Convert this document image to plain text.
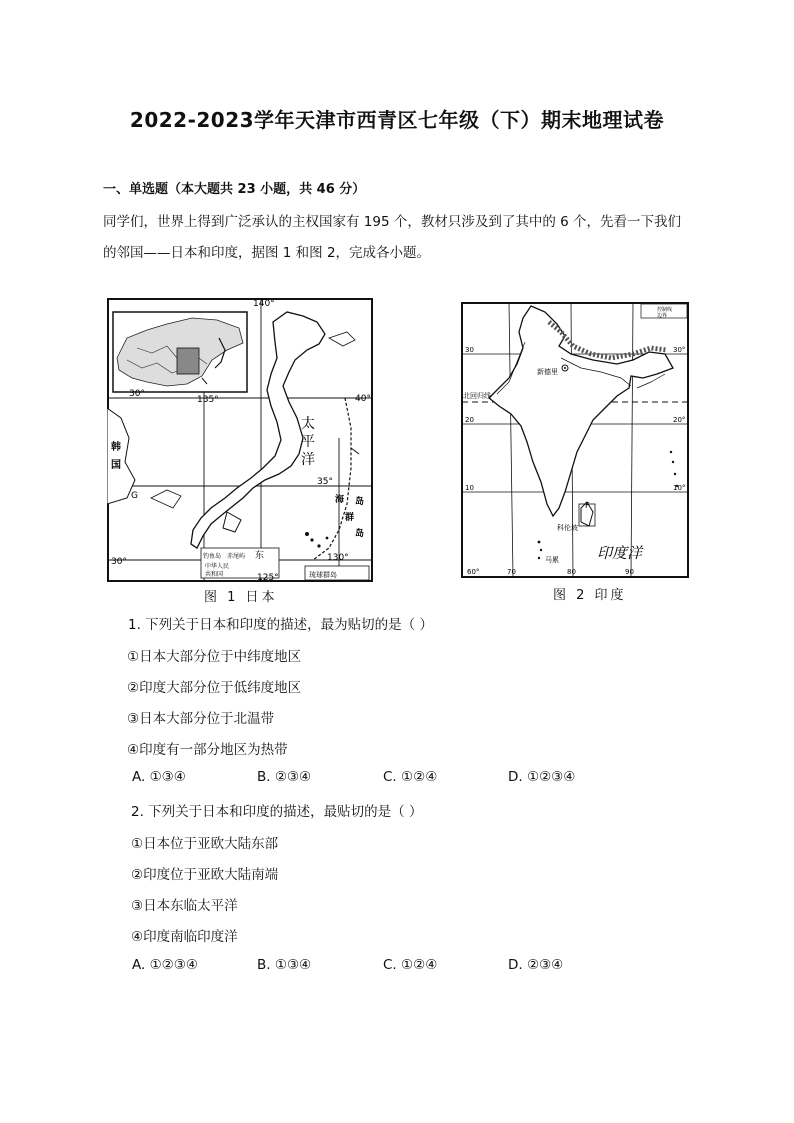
2022-2023学年天津市西青区七年级（下）期末地理试卷
一、单选题（本大题共 23 小题，共 46 分）
同学们，世界上得到广泛承认的主权国家有 195 个，教材只涉及到了其中的 6 个，先看一下我们
的邻国——日本和印度，据图 1 和图 2，完成各小题。
140°
135°
130°
125°
40°
35°
30°
30°
韩
国
太
平
洋
东
海 岛
群
岛
钓鱼岛 赤尾屿
中华人民
共和国	琉球群岛
G
图 1 日本
新德里
北回归线
科伦坡
马累
F
印度洋
控制线
边界
30
20
10
30°
20°
10°
60°	70	80	90
图 2 印度
1. 下列关于日本和印度的描述，最为贴切的是（ ）
①日本大部分位于中纬度地区
②印度大部分位于低纬度地区
③日本大部分位于北温带
④印度有一部分地区为热带
A. ①③④	B. ②③④	C. ①②④	D. ①②③④
2. 下列关于日本和印度的描述，最贴切的是（ ）
①日本位于亚欧大陆东部
②印度位于亚欧大陆南端
③日本东临太平洋
④印度南临印度洋
A. ①②③④	B. ①③④	C. ①②④	D. ②③④
